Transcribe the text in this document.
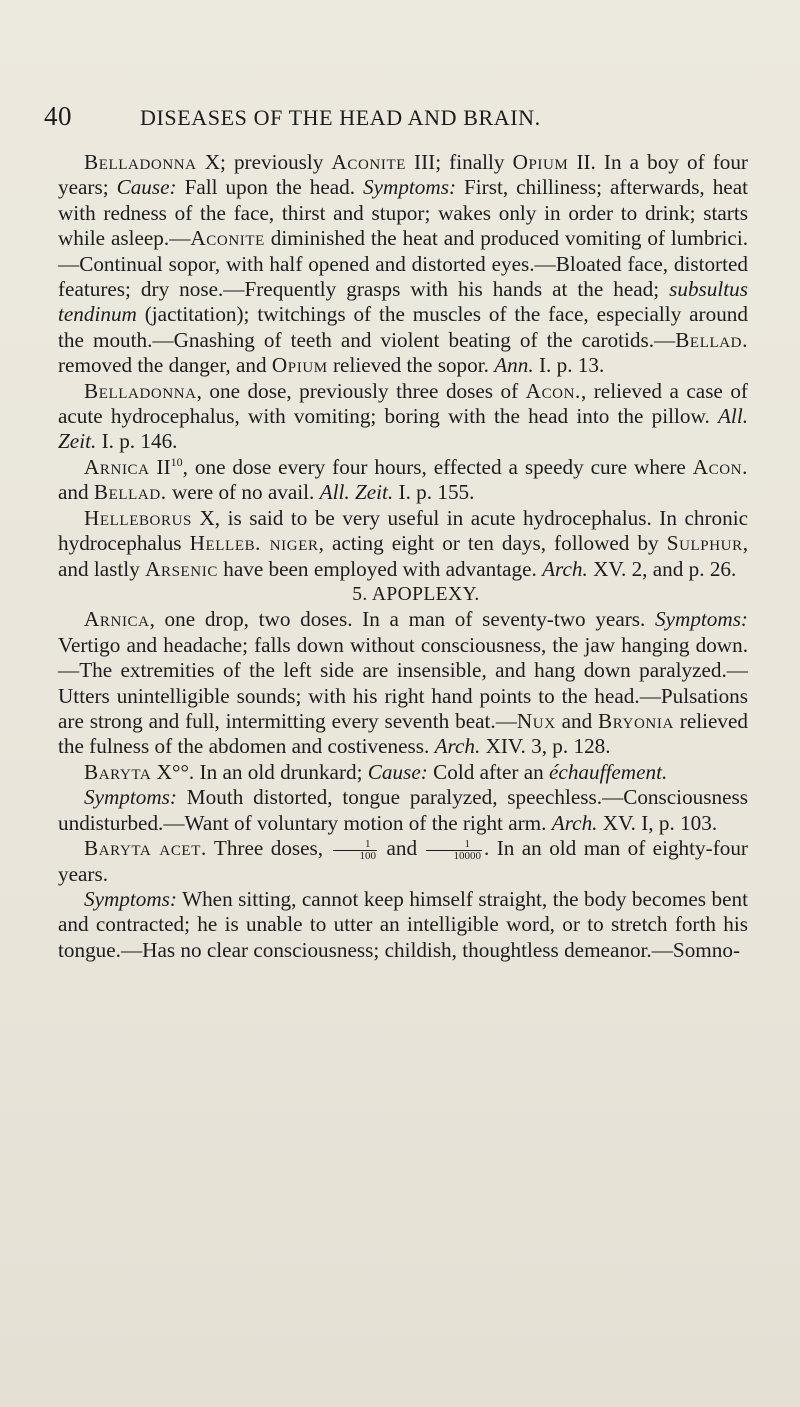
40	DISEASES OF THE HEAD AND BRAIN.

Belladonna X; previously Aconite III; finally Opium II. In a boy of four years; Cause: Fall upon the head. Symptoms: First, chilliness; afterwards, heat with redness of the face, thirst and stupor; wakes only in order to drink; starts while asleep.—Aconite diminished the heat and produced vomiting of lumbrici.—Continual sopor, with half opened and distorted eyes.—Bloated face, distorted features; dry nose.—Frequently grasps with his hands at the head; subsultus tendinum (jactitation); twitchings of the muscles of the face, especially around the mouth.—Gnashing of teeth and violent beating of the carotids.—Bellad. removed the danger, and Opium relieved the sopor. Ann. I. p. 13.

Belladonna, one dose, previously three doses of Acon., relieved a case of acute hydrocephalus, with vomiting; boring with the head into the pillow. All. Zeit. I. p. 146.

Arnica II$^{10}$, one dose every four hours, effected a speedy cure where Acon. and Bellad. were of no avail. All. Zeit. I. p. 155.

Helleborus X, is said to be very useful in acute hydrocephalus. In chronic hydrocephalus Helleb. niger, acting eight or ten days, followed by Sulphur, and lastly Arsenic have been employed with advantage. Arch. XV. 2, and p. 26.

5. APOPLEXY.

Arnica, one drop, two doses. In a man of seventy-two years. Symptoms: Vertigo and headache; falls down without consciousness, the jaw hanging down.—The extremities of the left side are insensible, and hang down paralyzed.—Utters unintelligible sounds; with his right hand points to the head.—Pulsations are strong and full, intermitting every seventh beat.—Nux and Bryonia relieved the fulness of the abdomen and costiveness. Arch. XIV. 3, p. 128.

Baryta X°°. In an old drunkard; Cause: Cold after an échauffement.
Symptoms: Mouth distorted, tongue paralyzed, speechless.—Consciousness undisturbed.—Want of voluntary motion of the right arm. Arch. XV. I, p. 103.

Baryta acet. Three doses, $\frac{1}{100}$ and $\frac{1}{10000}$ . In an old man of eighty-four years.
Symptoms: When sitting, cannot keep himself straight, the body becomes bent and contracted; he is unable to utter an intelligible word, or to stretch forth his tongue.—Has no clear consciousness; childish, thoughtless demeanor.—Somno-
